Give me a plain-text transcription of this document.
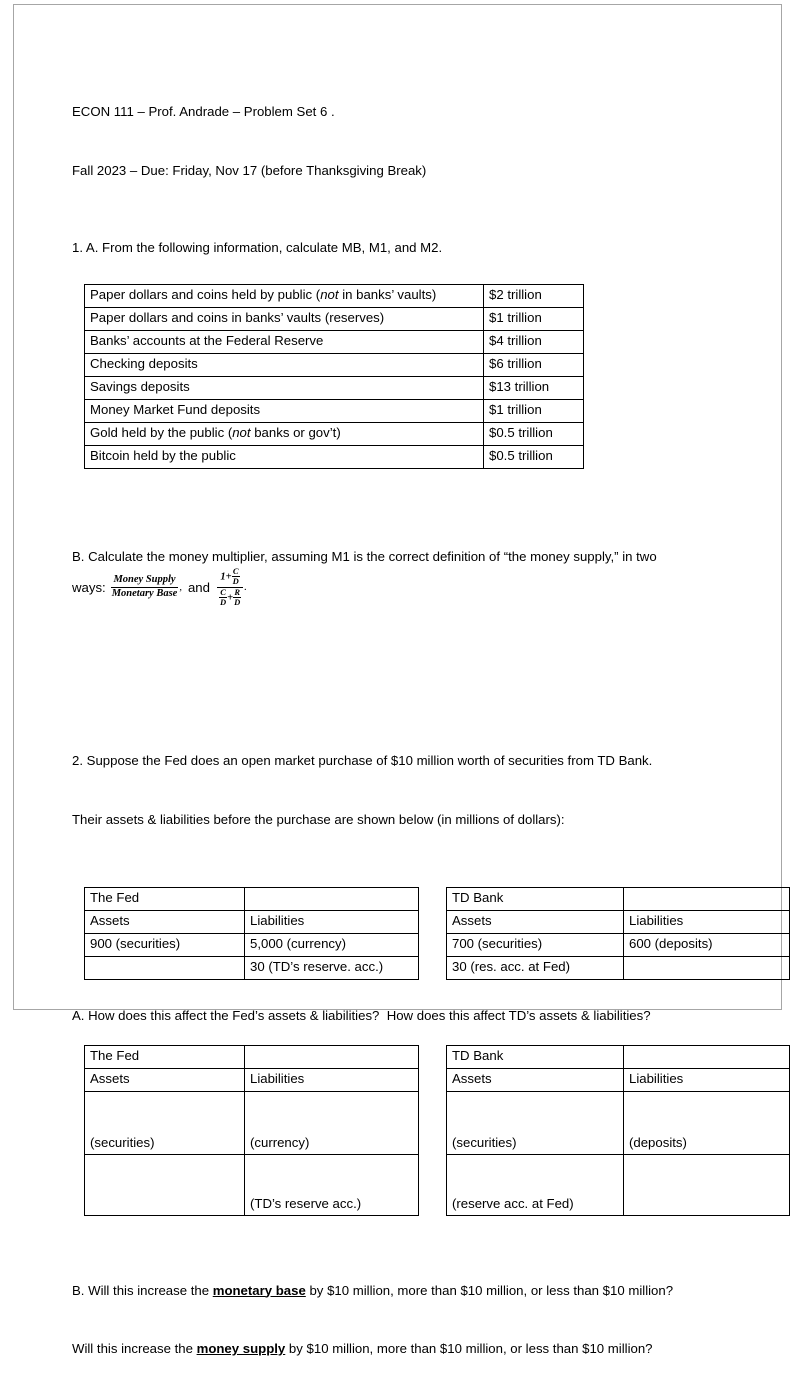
ECON 111 – Prof. Andrade – Problem Set 6 .

Fall 2023 – Due: Friday, Nov 17 (before Thanksgiving Break)

1. A. From the following information, calculate MB, M1, and M2.

Paper dollars and coins held by public (not in banks’ vaults)	$2 trillion
Paper dollars and coins in banks’ vaults (reserves)	$1 trillion
Banks’ accounts at the Federal Reserve	$4 trillion
Checking deposits	$6 trillion
Savings deposits	$13 trillion
Money Market Fund deposits	$1 trillion
Gold held by the public (not banks or gov’t)	$0.5 trillion
Bitcoin held by the public	$0.5 trillion

B. Calculate the money multiplier, assuming M1 is the correct definition of “the money supply,” in two

ways: $\frac{\text{Money Supply}}{\text{Monetary Base}}$ , and $\frac{1+ \frac{C}{D}}{\frac{C}{D} + \frac{R}{D}}$ .

2. Suppose the Fed does an open market purchase of $10 million worth of securities from TD Bank.

Their assets & liabilities before the purchase are shown below (in millions of dollars):

The Fed			TD Bank	
Assets	Liabilities		Assets	Liabilities
900 (securities)	5,000 (currency)		700 (securities)	600 (deposits)
	30 (TD’s reserve. acc.)		30 (res. acc. at Fed)	

A. How does this affect the Fed’s assets & liabilities?  How does this affect TD’s assets & liabilities?

The Fed			TD Bank	
Assets	Liabilities		Assets	Liabilities
(securities)	(currency)		(securities)	(deposits)
	(TD’s reserve acc.)		(reserve acc. at Fed)	

B. Will this increase the monetary base by $10 million, more than $10 million, or less than $10 million?

Will this increase the money supply by $10 million, more than $10 million, or less than $10 million?
